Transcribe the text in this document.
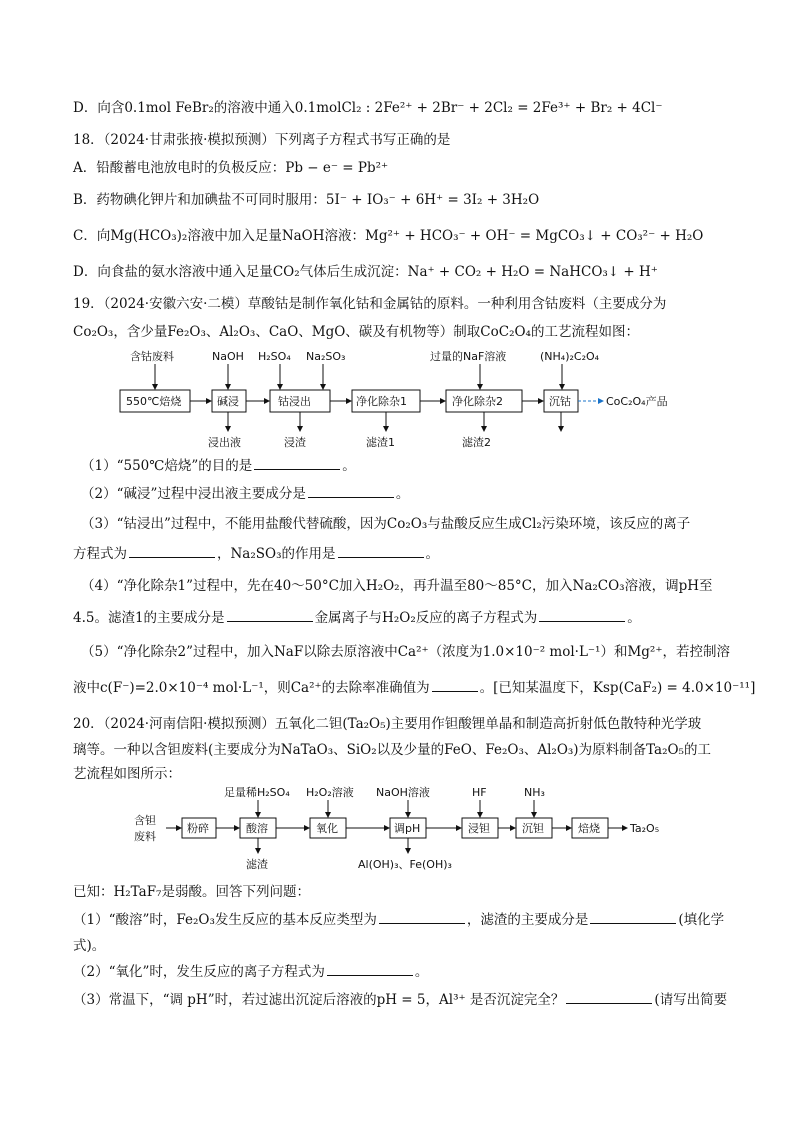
D．向含0.1mol FeBr₂的溶液中通入0.1molCl₂ : 2Fe²⁺ + 2Br⁻ + 2Cl₂ = 2Fe³⁺ + Br₂ + 4Cl⁻
18．（2024·甘肃张掖·模拟预测）下列离子方程式书写正确的是
A．铅酸蓄电池放电时的负极反应：Pb − e⁻ = Pb²⁺
B．药物碘化钾片和加碘盐不可同时服用：5I⁻ + IO₃⁻ + 6H⁺ = 3I₂ + 3H₂O
C．向Mg(HCO₃)₂溶液中加入足量NaOH溶液：Mg²⁺ + HCO₃⁻ + OH⁻ = MgCO₃↓ + CO₃²⁻ + H₂O
D．向食盐的氨水溶液中通入足量CO₂气体后生成沉淀：Na⁺ + CO₂ + H₂O = NaHCO₃↓ + H⁺
19．（2024·安徽六安·二模）草酸钴是制作氧化钴和金属钴的原料。一种利用含钴废料（主要成分为
Co₂O₃，含少量Fe₂O₃、Al₂O₃、CaO、MgO、碳及有机物等）制取CoC₂O₄的工艺流程如图：
含钴废料	NaOH H₂SO₄ Na₂SO₃	过量的NaF溶液	(NH₄)₂C₂O₄
550℃焙烧	碱浸	钴浸出	净化除杂1	净化除杂2	沉钴	CoC₂O₄产品
浸出液	浸渣	滤渣1	滤渣2
（1）“550℃焙烧”的目的是	。
（2）“碱浸”过程中浸出液主要成分是	。
（3）“钴浸出”过程中，不能用盐酸代替硫酸，因为Co₂O₃与盐酸反应生成Cl₂污染环境，该反应的离子
方程式为	，Na₂SO₃的作用是	。
（4）“净化除杂1”过程中，先在40～50°C加入H₂O₂，再升温至80～85°C，加入Na₂CO₃溶液，调pH至
4.5。滤渣1的主要成分是	金属离子与H₂O₂反应的离子方程式为	。
（5）“净化除杂2”过程中，加入NaF以除去原溶液中Ca²⁺（浓度为1.0×10⁻² mol·L⁻¹）和Mg²⁺，若控制溶
液中c(F⁻)=2.0×10⁻⁴ mol·L⁻¹，则Ca²⁺的去除率准确值为	。[已知某温度下，Ksp(CaF₂) = 4.0×10⁻¹¹]
20．（2024·河南信阳·模拟预测）五氧化二钽(Ta₂O₅)主要用作钽酸锂单晶和制造高折射低色散特种光学玻
璃等。一种以含钽废料(主要成分为NaTaO₃、SiO₂以及少量的FeO、Fe₂O₃、Al₂O₃)为原料制备Ta₂O₅的工
艺流程如图所示：
含钽
废料
足量稀H₂SO₄ H₂O₂溶液 NaOH溶液	HF	NH₃
粉碎	酸溶	氧化	调pH	浸钽	沉钽	焙烧	Ta₂O₅
滤渣	Al(OH)₃、Fe(OH)₃
已知：H₂TaF₇是弱酸。回答下列问题：
（1）“酸溶”时，Fe₂O₃发生反应的基本反应类型为	，滤渣的主要成分是	(填化学
式)。
（2）“氧化”时，发生反应的离子方程式为	。
（3）常温下，“调 pH”时，若过滤出沉淀后溶液的pH = 5，Al³⁺ 是否沉淀完全？	(请写出简要
